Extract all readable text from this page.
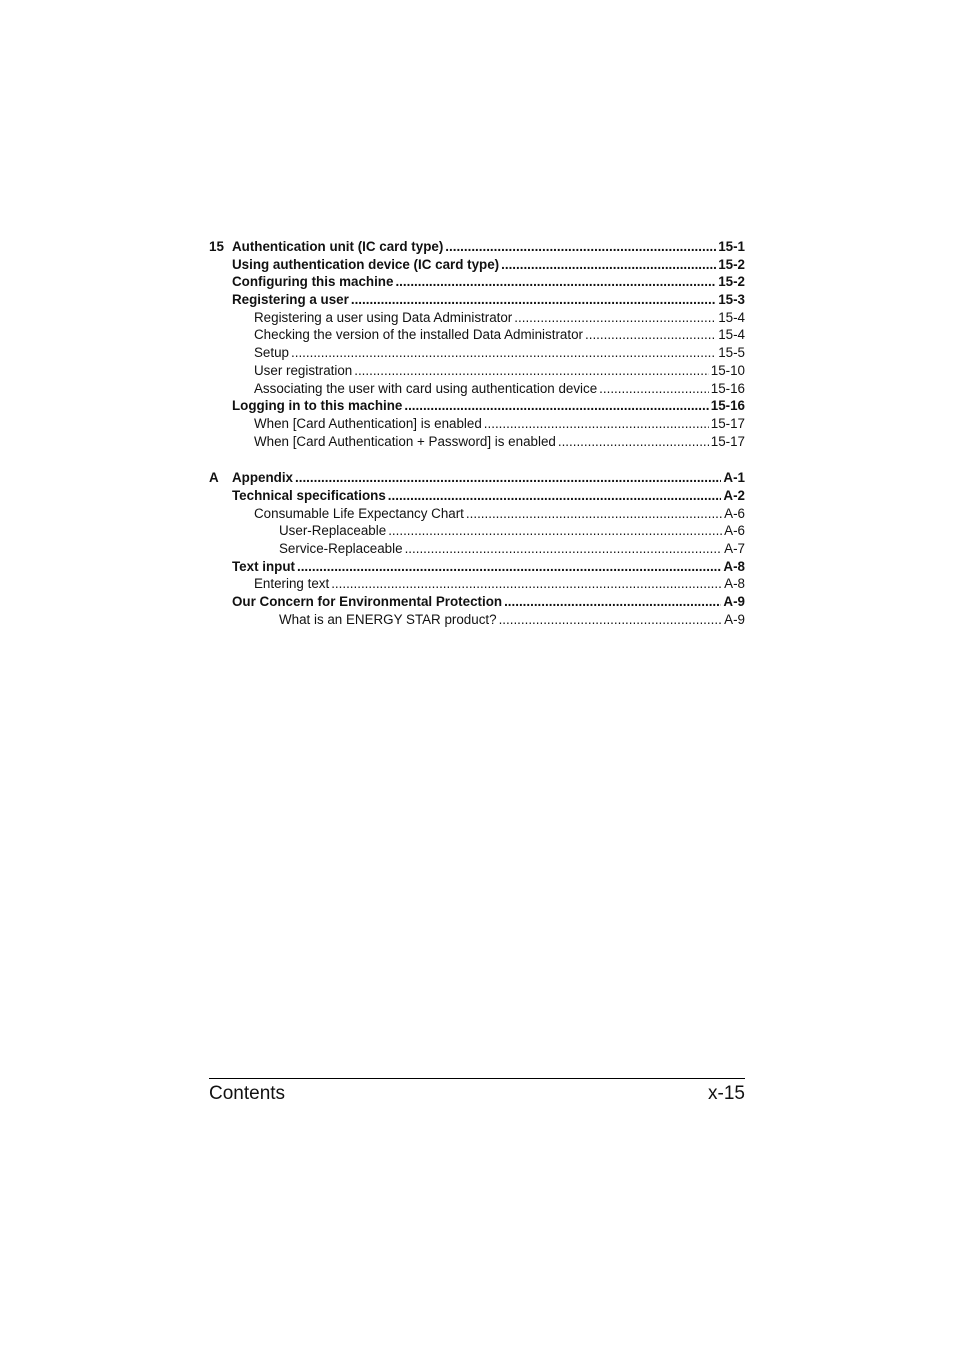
15 Authentication unit (IC card type) .....	15-1
Using authentication device (IC card type) .....	15-2
Configuring this machine .....	15-2
Registering a user .....	15-3
Registering a user using Data Administrator .....	15-4
Checking the version of the installed Data Administrator .....	15-4
Setup .....	15-5
User registration .....	15-10
Associating the user with card using authentication device .....	15-16
Logging in to this machine .....	15-16
When [Card Authentication] is enabled .....	15-17
When [Card Authentication + Password] is enabled .....	15-17
A Appendix .....	A-1
Technical specifications .....	A-2
Consumable Life Expectancy Chart .....	A-6
User-Replaceable .....	A-6
Service-Replaceable .....	A-7
Text input .....	A-8
Entering text .....	A-8
Our Concern for Environmental Protection .....	A-9
What is an ENERGY STAR product? .....	A-9
Contents	x-15
